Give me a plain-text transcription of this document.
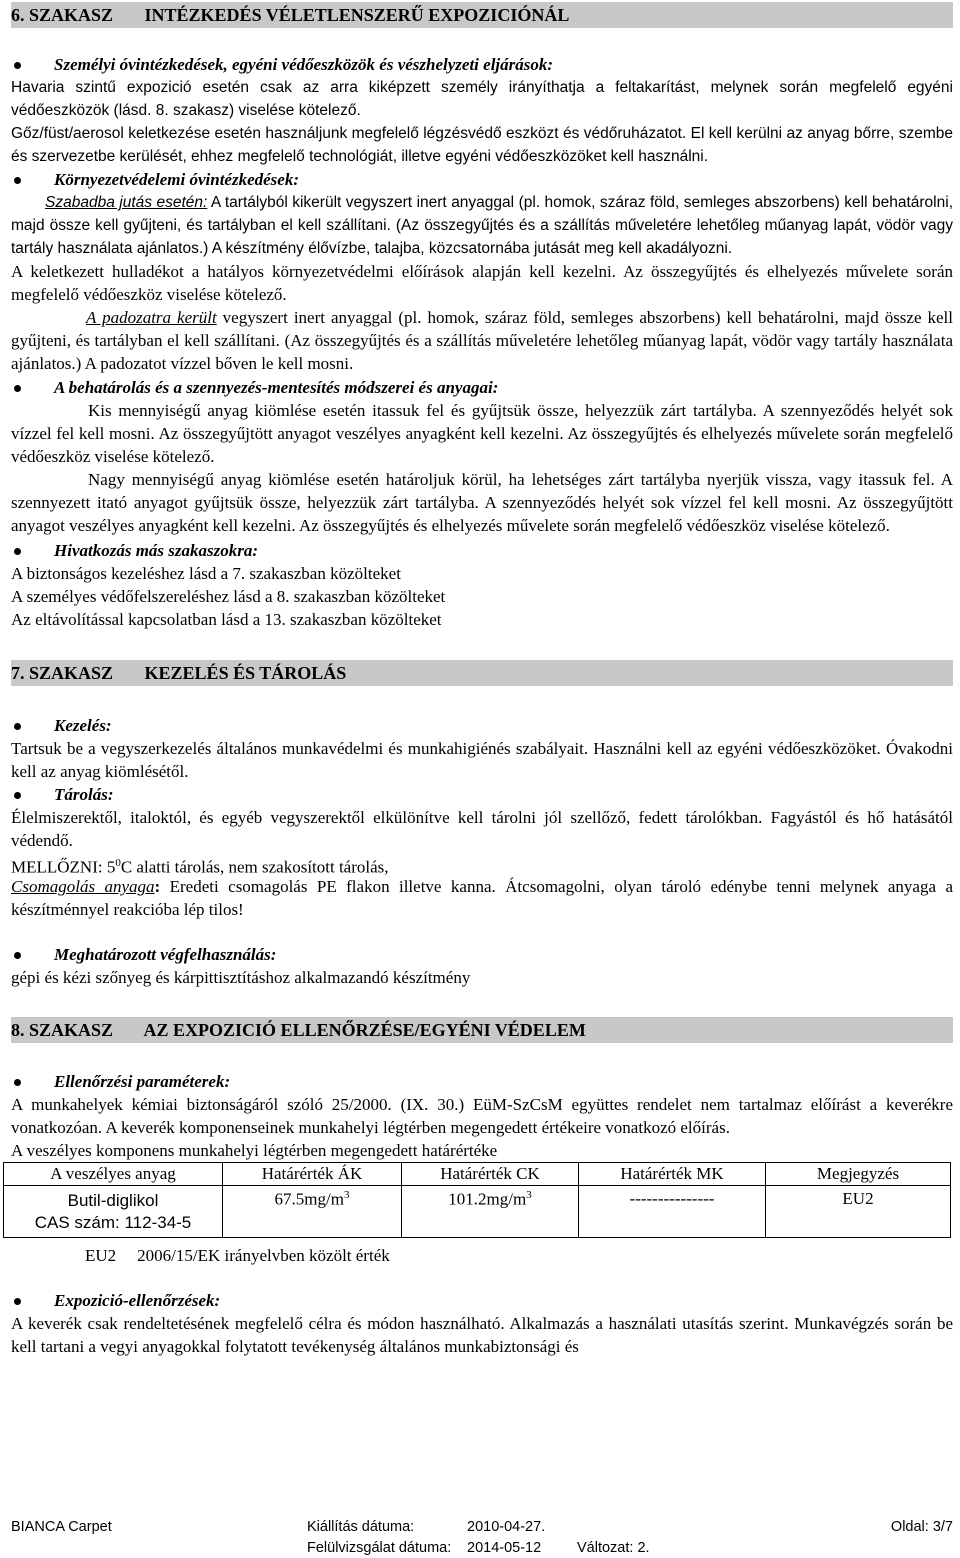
6. SZAKASZ       INTÉZKEDÉS VÉLETLENSZERŰ EXPOZICIÓNÁL
Személyi óvintézkedések, egyéni védőeszközök és vészhelyzeti eljárások:
Havaria szintű expozició esetén csak az arra kiképzett személy irányíthatja a feltakarítást, melynek során megfelelő egyéni védőeszközök (lásd. 8. szakasz) viselése kötelező.
Gőz/füst/aerosol keletkezése esetén használjunk megfelelő légzésvédő eszközt és védőruházatot. El kell kerülni az anyag bőrre, szembe és szervezetbe kerülését, ehhez megfelelő technológiát, illetve egyéni védőeszközöket kell használni.
Környezetvédelemi óvintézkedések:
Szabadba jutás esetén: A tartályból kikerült vegyszert inert anyaggal (pl. homok, száraz föld, semleges abszorbens) kell behatárolni, majd össze kell gyűjteni, és tartályban el kell szállítani. (Az összegyűjtés és a szállítás műveletére lehetőleg műanyag lapát, vödör vagy tartály használata ajánlatos.) A készítmény élővízbe, talajba, közcsatornába jutását meg kell akadályozni.
A keletkezett hulladékot a hatályos környezetvédelmi előírások alapján kell kezelni. Az összegyűjtés és elhelyezés művelete során megfelelő védőeszköz viselése kötelező.
A padozatra került vegyszert inert anyaggal (pl. homok, száraz föld, semleges abszorbens) kell behatárolni, majd össze kell gyűjteni, és tartályban el kell szállítani. (Az összegyűjtés és a szállítás műveletére lehetőleg műanyag lapát, vödör vagy tartály használata ajánlatos.) A padozatot vízzel bőven le kell mosni.
A behatárolás és a szennyezés-mentesítés módszerei és anyagai:
Kis mennyiségű anyag kiömlése esetén itassuk fel és gyűjtsük össze, helyezzük zárt tartályba. A szennyeződés helyét sok vízzel fel kell mosni. Az összegyűjtött anyagot veszélyes anyagként kell kezelni. Az összegyűjtés és elhelyezés művelete során megfelelő védőeszköz viselése kötelező.
Nagy mennyiségű anyag kiömlése esetén határoljuk körül, ha lehetséges zárt tartályba nyerjük vissza, vagy itassuk fel. A szennyezett itató anyagot gyűjtsük össze, helyezzük zárt tartályba. A szennyeződés helyét sok vízzel fel kell mosni. Az összegyűjtött anyagot veszélyes anyagként kell kezelni. Az összegyűjtés és elhelyezés művelete során megfelelő védőeszköz viselése kötelező.
Hivatkozás más szakaszokra:
A biztonságos kezeléshez lásd a 7. szakaszban közölteket
A személyes védőfelszereléshez lásd a 8. szakaszban közölteket
Az eltávolítással kapcsolatban lásd a 13. szakaszban közölteket
7. SZAKASZ       KEZELÉS ÉS TÁROLÁS
Kezelés:
Tartsuk be a vegyszerkezelés általános munkavédelmi és munkahigiénés szabályait. Használni kell az egyéni védőeszközöket. Óvakodni kell az anyag kiömlésétől.
Tárolás:
Élelmiszerektől, italoktól, és egyéb vegyszerektől elkülönítve kell tárolni jól szellőző, fedett tárolókban. Fagyástól és hő hatásától védendő.
MELLŐZNI: $5^0C$ alatti tárolás, nem szakosított tárolás,
Csomagolás anyaga: Eredeti csomagolás PE flakon illetve kanna. Átcsomagolni, olyan tároló edénybe tenni melynek anyaga a készítménnyel reakcióba lép tilos!
Meghatározott végfelhasználás:
gépi és kézi szőnyeg és kárpittisztításhoz alkalmazandó készítmény
8. SZAKASZ       AZ EXPOZICIÓ ELLENŐRZÉSE/EGYÉNI VÉDELEM
Ellenőrzési paraméterek:
A munkahelyek kémiai biztonságáról szóló 25/2000. (IX. 30.) EüM-SzCsM együttes rendelet nem tartalmaz előírást a keverékre vonatkozóan. A keverék komponenseinek munkahelyi légtérben megengedett értékeire vonatkozó előírás.
A veszélyes komponens munkahelyi légtérben megengedett határértéke
A veszélyes anyag	Határérték ÁK	Határérték CK	Határérték MK	Megjegyzés

Butil-diglikol
CAS szám: 112-34-5	$67.5mg/m^3$	$101.2mg/m^3$	---------------	EU2
EU2 2006/15/EK irányelvben közölt érték
Expozició-ellenőrzések:
A keverék csak rendeltetésének megfelelő célra és módon használható. Alkalmazás a használati utasítás szerint. Munkavégzés során be kell tartani a vegyi anyagokkal folytatott tevékenység általános munkabiztonsági és
BIANCA Carpet	Kiállítás dátuma:	2010-04-27.	Oldal: 3/7
Felülvizsgálat dátuma: 2014-05-12 Változat: 2.
